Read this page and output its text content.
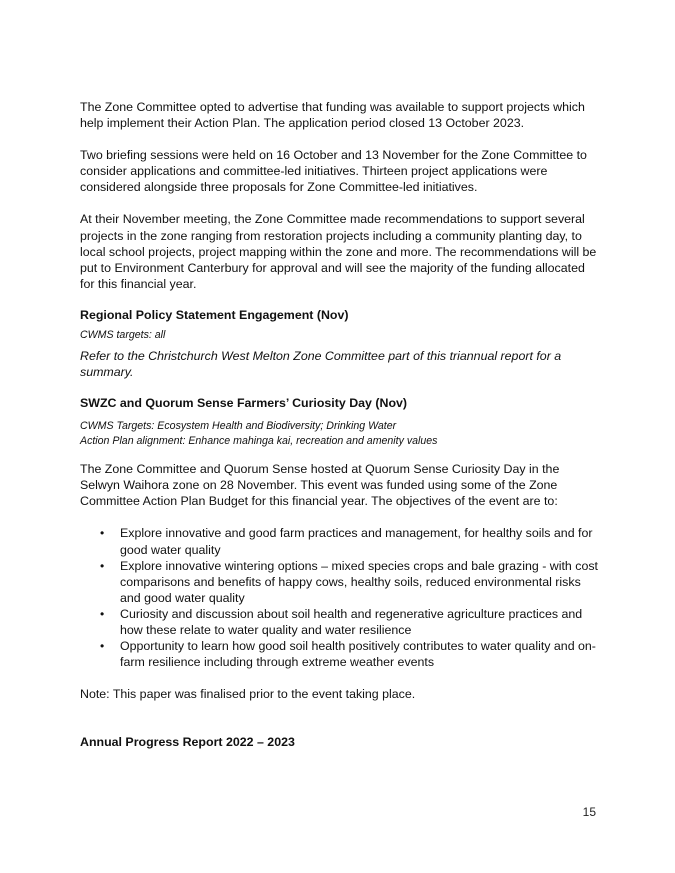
The Zone Committee opted to advertise that funding was available to support projects which help implement their Action Plan. The application period closed 13 October 2023.

Two briefing sessions were held on 16 October and 13 November for the Zone Committee to consider applications and committee-led initiatives. Thirteen project applications were considered alongside three proposals for Zone Committee-led initiatives.

At their November meeting, the Zone Committee made recommendations to support several projects in the zone ranging from restoration projects including a community planting day, to local school projects, project mapping within the zone and more. The recommendations will be put to Environment Canterbury for approval and will see the majority of the funding allocated for this financial year.

Regional Policy Statement Engagement (Nov)

CWMS targets: all

Refer to the Christchurch West Melton Zone Committee part of this triannual report for a summary.

SWZC and Quorum Sense Farmers’ Curiosity Day (Nov)

CWMS Targets: Ecosystem Health and Biodiversity; Drinking Water

Action Plan alignment: Enhance mahinga kai, recreation and amenity values

The Zone Committee and Quorum Sense hosted at Quorum Sense Curiosity Day in the Selwyn Waihora zone on 28 November. This event was funded using some of the Zone Committee Action Plan Budget for this financial year. The objectives of the event are to:

• Explore innovative and good farm practices and management, for healthy soils and for good water quality
• Explore innovative wintering options – mixed species crops and bale grazing - with cost comparisons and benefits of happy cows, healthy soils, reduced environmental risks and good water quality
• Curiosity and discussion about soil health and regenerative agriculture practices and how these relate to water quality and water resilience
• Opportunity to learn how good soil health positively contributes to water quality and on-farm resilience including through extreme weather events

Note: This paper was finalised prior to the event taking place.

Annual Progress Report 2022 – 2023
15
